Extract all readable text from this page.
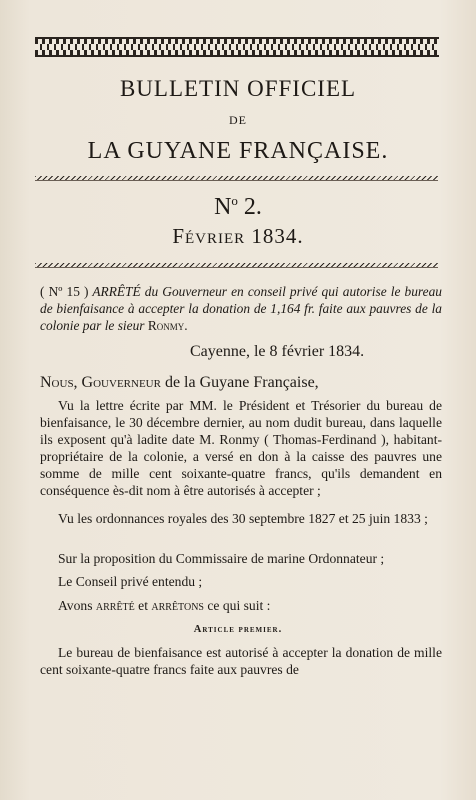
BULLETIN OFFICIEL
DE
LA GUYANE FRANÇAISE.
$N^o$ 2.
Février 1834.
( Nº 15 ) ARRÊTÉ du Gouverneur en conseil privé qui autorise le bureau de bienfaisance à accepter la donation de 1,164 fr. faite aux pauvres de la colonie par le sieur Ronmy.
Cayenne, le 8 février 1834.
Nous, Gouverneur de la Guyane Française,
Vu la lettre écrite par MM. le Président et Trésorier du bureau de bienfaisance, le 30 décembre dernier, au nom dudit bureau, dans laquelle ils exposent qu'à ladite date M. Ronmy ( Thomas-Ferdinand ), habitant-propriétaire de la colonie, a versé en don à la caisse des pauvres une somme de mille cent soixante-quatre francs, qu'ils demandent en conséquence ès-dit nom à être autorisés à accepter ;
Vu les ordonnances royales des 30 septembre 1827 et 25 juin 1833 ;
Sur la proposition du Commissaire de marine Ordonnateur ;
Le Conseil privé entendu ;
Avons arrêté et arrêtons ce qui suit :
Article premier.
Le bureau de bienfaisance est autorisé à accepter la donation de mille cent soixante-quatre francs faite aux pauvres de
